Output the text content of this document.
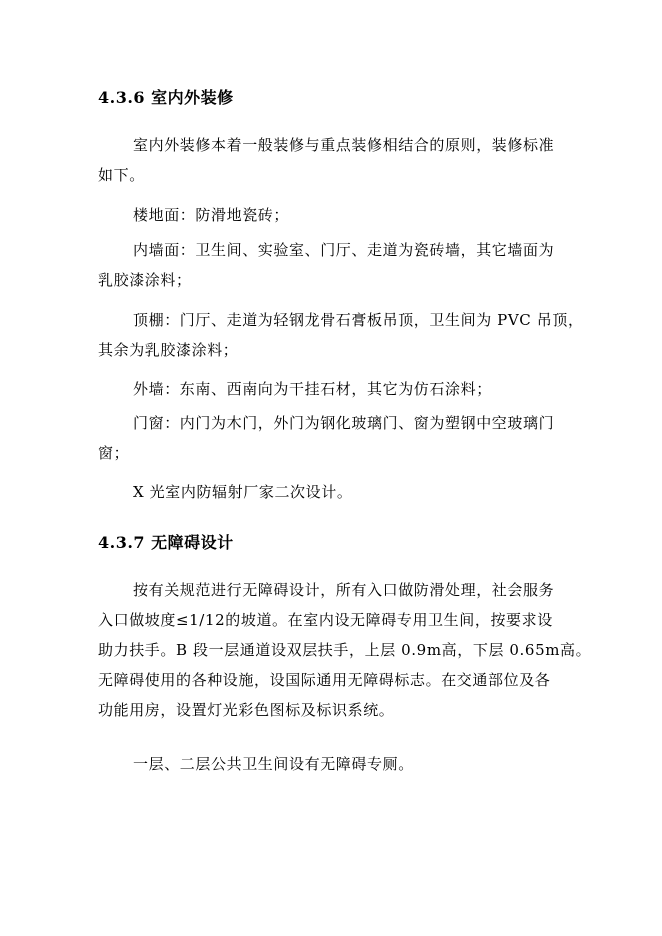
4.3.6 室内外装修
室内外装修本着一般装修与重点装修相结合的原则，装修标准
如下。
楼地面：防滑地瓷砖；
内墙面：卫生间、实验室、门厅、走道为瓷砖墙，其它墙面为
乳胶漆涂料；
顶棚：门厅、走道为轻钢龙骨石膏板吊顶，卫生间为 PVC 吊顶，
其余为乳胶漆涂料；
外墙：东南、西南向为干挂石材，其它为仿石涂料；
门窗：内门为木门，外门为钢化玻璃门、窗为塑钢中空玻璃门
窗；
X 光室内防辐射厂家二次设计。
4.3.7 无障碍设计
按有关规范进行无障碍设计，所有入口做防滑处理，社会服务
入口做坡度≤1/12的坡道。在室内设无障碍专用卫生间，按要求设
助力扶手。B 段一层通道设双层扶手，上层 0.9m高，下层 0.65m高。
无障碍使用的各种设施，设国际通用无障碍标志。在交通部位及各
功能用房，设置灯光彩色图标及标识系统。
一层、二层公共卫生间设有无障碍专厕。
